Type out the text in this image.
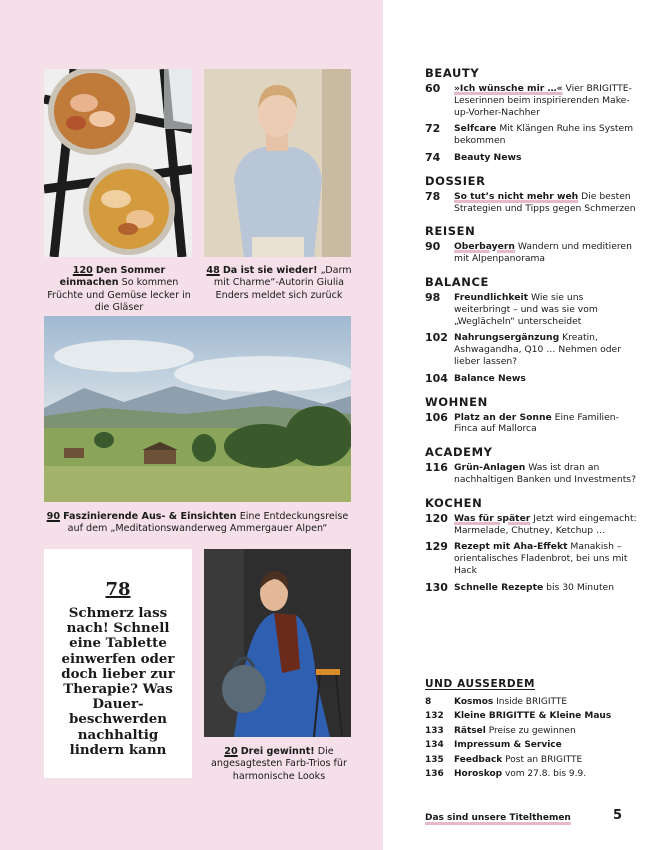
120 Den Sommer einmachen So kommen Früchte und Gemüse lecker in die Gläser
48 Da ist sie wieder! „Darm mit Charme“-Autorin Giulia Enders meldet sich zurück
90 Faszinierende Aus- & Einsichten Eine Entdeckungsreise auf dem „Meditationswanderweg Ammergauer Alpen“
78
Schmerz lass nach! Schnell eine Tablette einwerfen oder doch lieber zur Therapie? Was Dauer-beschwerden nachhaltig lindern kann	20 Drei gewinnt! Die angesagtesten Farb-Trios für harmonische Looks
BEAUTY
60	»Ich wünsche mir …« Vier BRIGITTE-Leserinnen beim inspirierenden Make-up-Vorher-Nachher
72	Selfcare Mit Klängen Ruhe ins System bekommen
74	Beauty News
DOSSIER
78	So tut’s nicht mehr weh Die besten Strategien und Tipps gegen Schmerzen
REISEN
90	Oberbayern Wandern und meditieren mit Alpenpanorama
BALANCE
98	Freundlichkeit Wie sie uns weiterbringt – und was sie vom „Weglächeln“ unterscheidet
102 Nahrungsergänzung Kreatin, Ashwagandha, Q10 … Nehmen oder lieber lassen?
104 Balance News
WOHNEN
106 Platz an der Sonne Eine Familien-Finca auf Mallorca
ACADEMY
116 Grün-Anlagen Was ist dran an nachhaltigen Banken und Investments?
KOCHEN
120 Was für später Jetzt wird eingemacht: Marmelade, Chutney, Ketchup …
129 Rezept mit Aha-Effekt Manakish – orientalisches Fladenbrot, bei uns mit Hack
130 Schnelle Rezepte bis 30 Minuten
UND AUSSERDEM
8	Kosmos Inside BRIGITTE
132	Kleine BRIGITTE & Kleine Maus
133	Rätsel Preise zu gewinnen
134	Impressum & Service
135	Feedback Post an BRIGITTE
136	Horoskop vom 27.8. bis 9.9.
Das sind unsere Titelthemen	5
